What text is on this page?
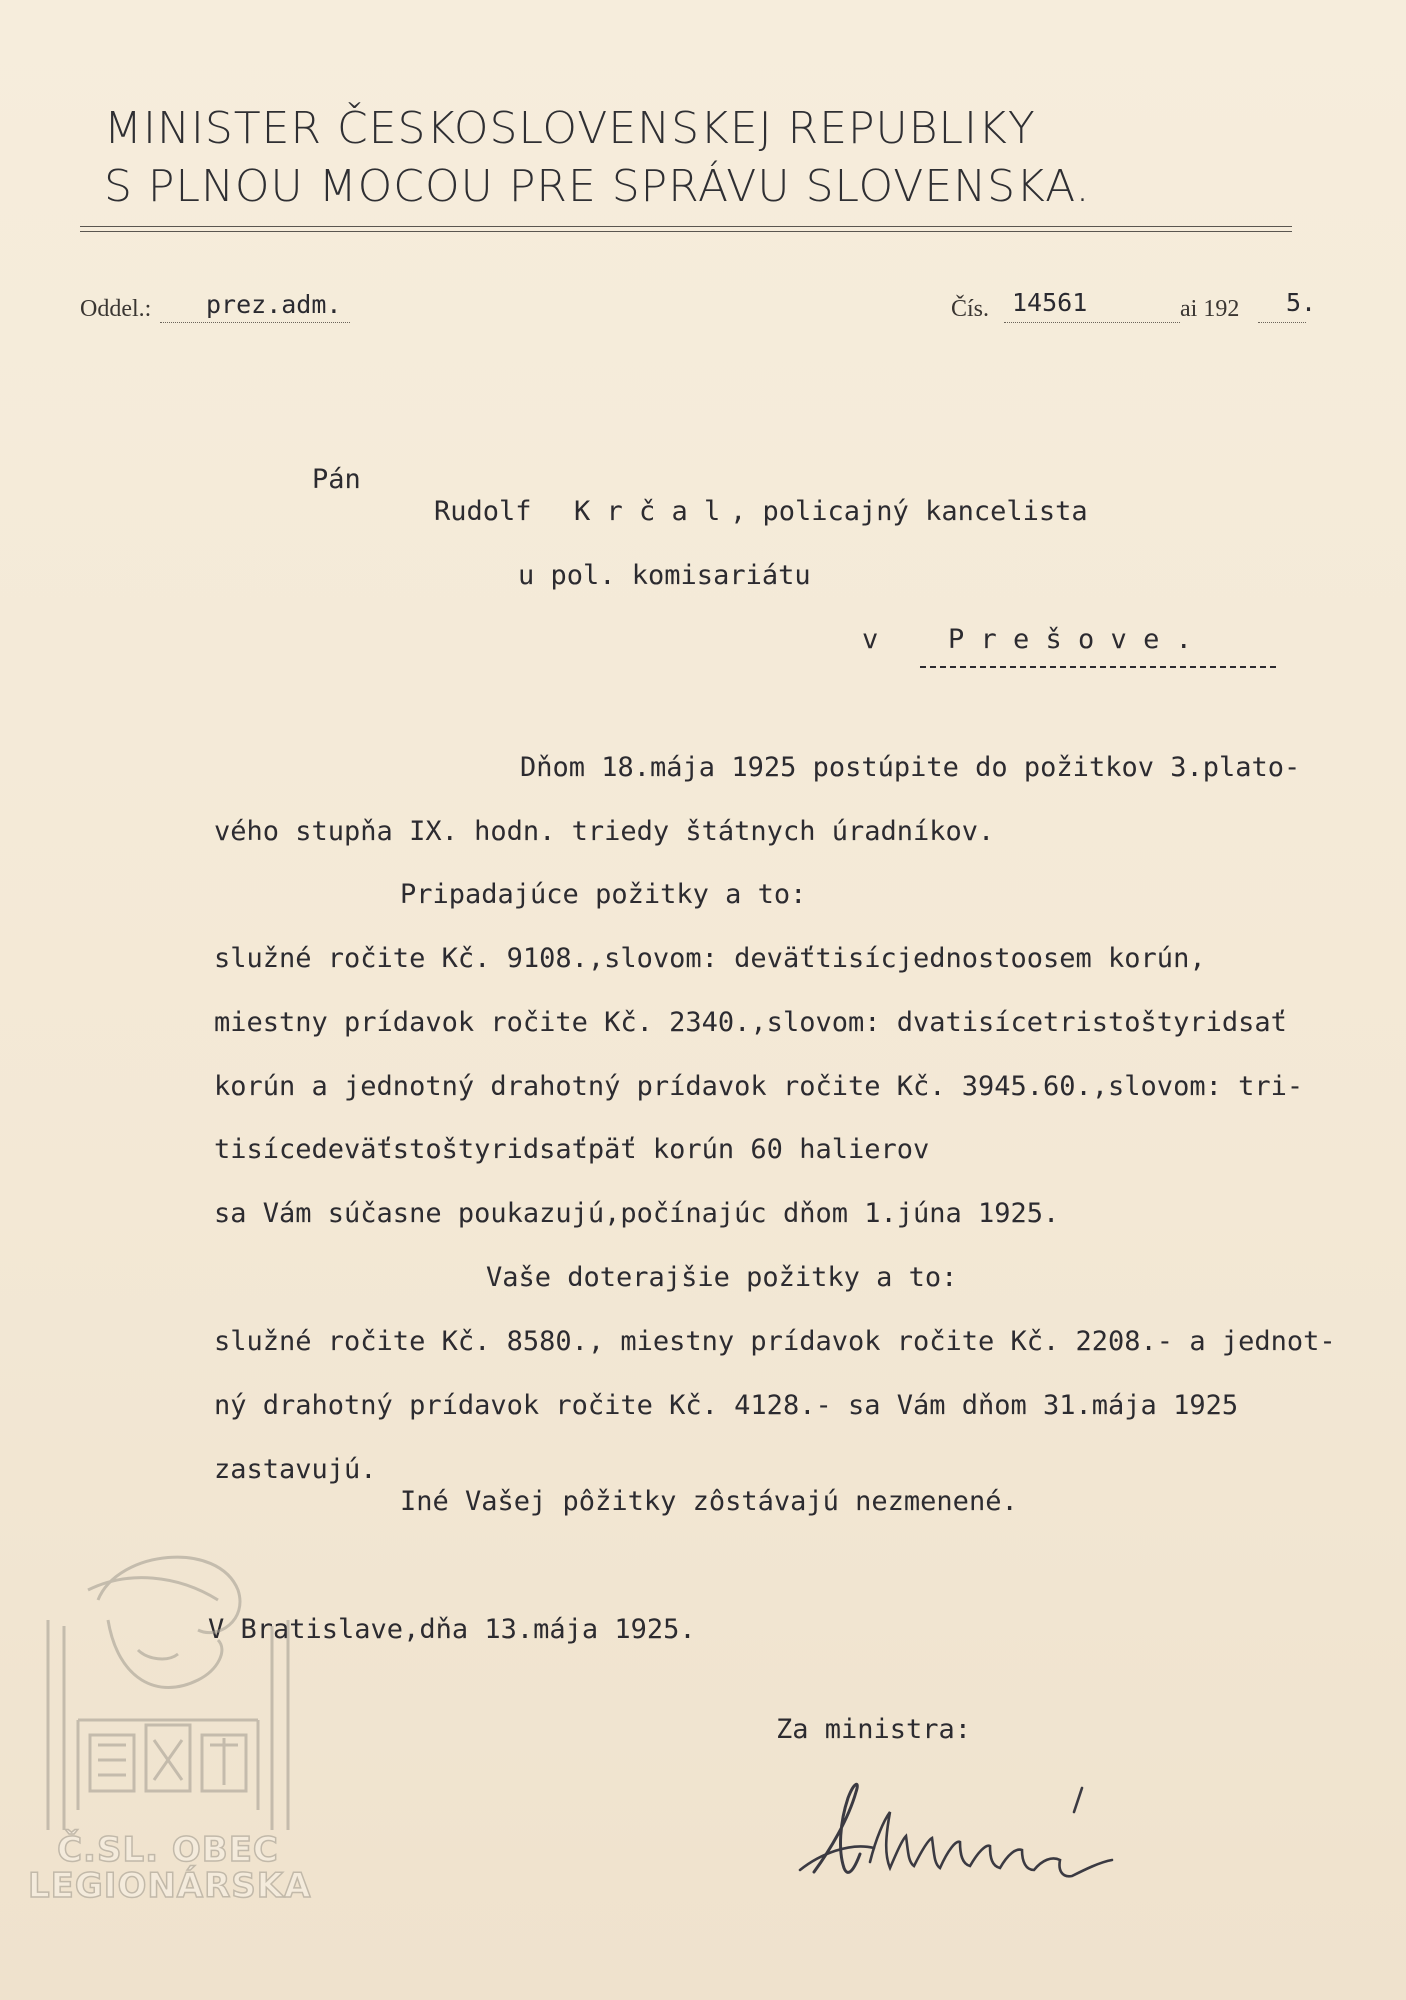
MINISTER ČESKOSLOVENSKEJ REPUBLIKY
S PLNOU MOCOU PRE SPRÁVU SLOVENSKA.
Oddel.: prez.adm.	Čís. 14561	ai 192 5.
Pán
Rudolf K r č a l , policajný kancelista
u pol. komisariátu
v	P r e š o v e .
Dňom 18.mája 1925 postúpite do požitkov 3.plato-
vého stupňa IX. hodn. triedy štátnych úradníkov.
Pripadajúce požitky a to:
služné ročite Kč. 9108.,slovom: deväťtisícjednostoosem korún,
miestny prídavok ročite Kč. 2340.,slovom: dvatisícetristoštyridsať
korún a jednotný drahotný prídavok ročite Kč. 3945.60.,slovom: tri-
tisícedeväťstoštyridsaťpäť korún 60 halierov
sa Vám súčasne poukazujú,počínajúc dňom 1.júna 1925.
Vaše doterajšie požitky a to:
služné ročite Kč. 8580., miestny prídavok ročite Kč. 2208.- a jednot-
ný drahotný prídavok ročite Kč. 4128.- sa Vám dňom 31.mája 1925
zastavujú.
Iné Vašej pôžitky zôstávajú nezmenené.
V Bratislave,dňa 13.mája 1925.
Za ministra:
Č.SL. OBEC
LEGIONÁRSKA
